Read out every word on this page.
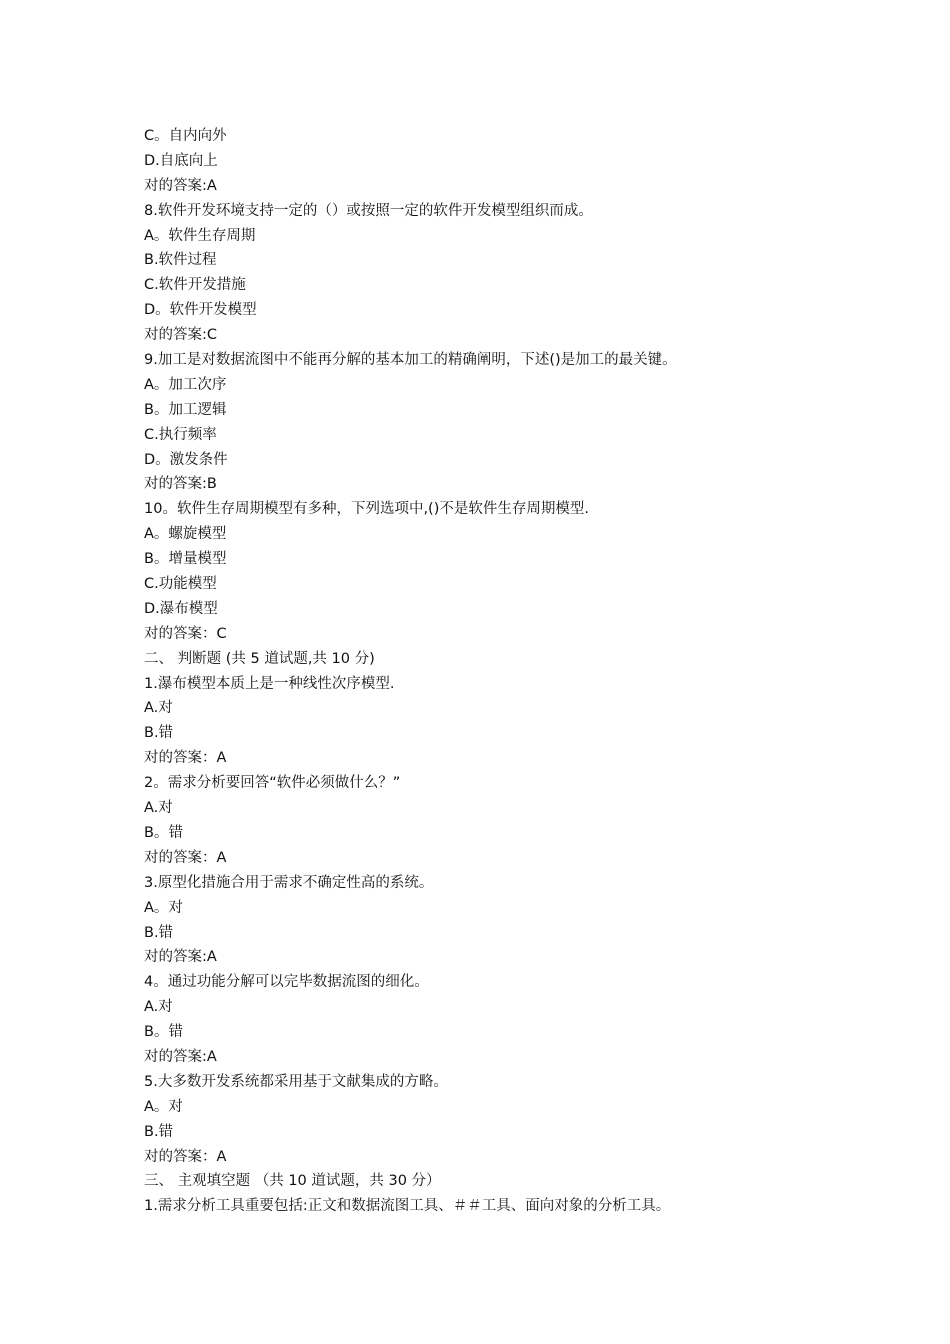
C。自内向外
D.自底向上
对的答案:A
8.软件开发环境支持一定的（）或按照一定的软件开发模型组织而成。
A。软件生存周期
B.软件过程
C.软件开发措施
D。软件开发模型
对的答案:C
9.加工是对数据流图中不能再分解的基本加工的精确阐明，下述()是加工的最关键。
A。加工次序
B。加工逻辑
C.执行频率
D。激发条件
对的答案:B
10。软件生存周期模型有多种，下列选项中,()不是软件生存周期模型.
A。螺旋模型
B。增量模型
C.功能模型
D.瀑布模型
对的答案：C
二、 判断题 (共 5 道试题,共 10 分)
1.瀑布模型本质上是一种线性次序模型.
A.对
B.错
对的答案：A
2。需求分析要回答“软件必须做什么？”
A.对
B。错
对的答案：A
3.原型化措施合用于需求不确定性高的系统。
A。对
B.错
对的答案:A
4。通过功能分解可以完毕数据流图的细化。
A.对
B。错
对的答案:A
5.大多数开发系统都采用基于文献集成的方略。
A。对
B.错
对的答案：A
三、 主观填空题 （共 10 道试题，共 30 分）
1.需求分析工具重要包括:正文和数据流图工具、＃＃工具、面向对象的分析工具。
